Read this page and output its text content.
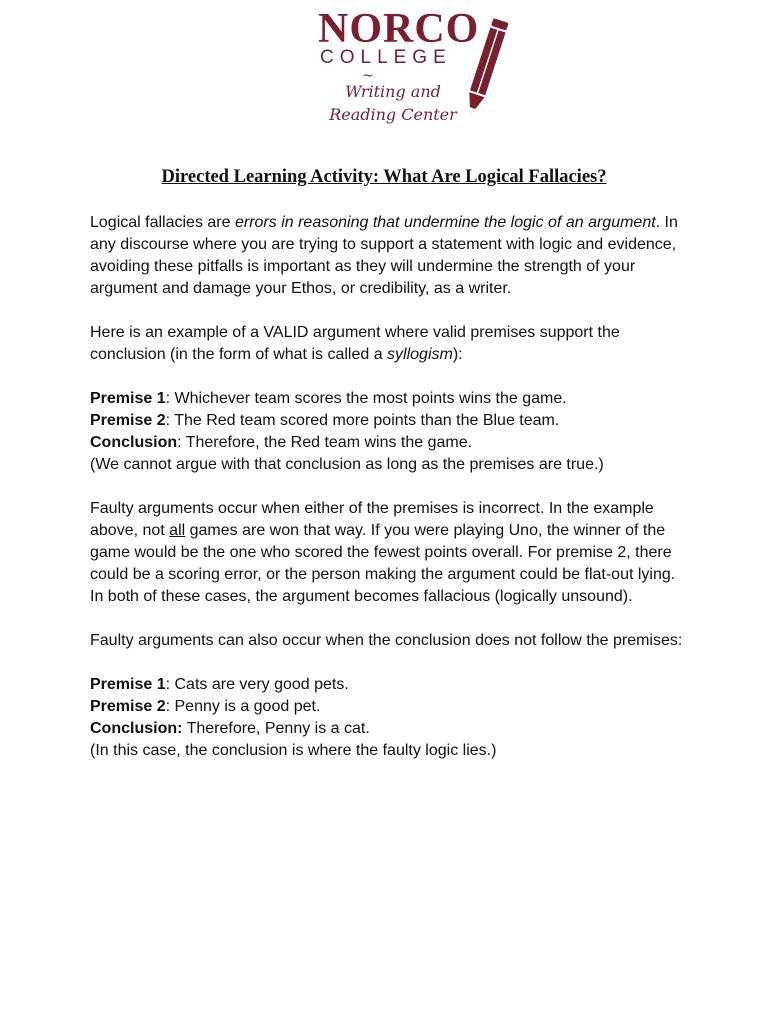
NORCO
COLLEGE
~
Writing and
Reading Center
Directed Learning Activity: What Are Logical Fallacies?

Logical fallacies are errors in reasoning that undermine the logic of an argument. In any discourse where you are trying to support a statement with logic and evidence, avoiding these pitfalls is important as they will undermine the strength of your argument and damage your Ethos, or credibility, as a writer.

Here is an example of a VALID argument where valid premises support the conclusion (in the form of what is called a syllogism):

Premise 1: Whichever team scores the most points wins the game.

Premise 2: The Red team scored more points than the Blue team.

Conclusion: Therefore, the Red team wins the game.

(We cannot argue with that conclusion as long as the premises are true.)

Faulty arguments occur when either of the premises is incorrect. In the example above, not all games are won that way. If you were playing Uno, the winner of the game would be the one who scored the fewest points overall. For premise 2, there could be a scoring error, or the person making the argument could be flat-out lying. In both of these cases, the argument becomes fallacious (logically unsound).

Faulty arguments can also occur when the conclusion does not follow the premises:

Premise 1: Cats are very good pets.

Premise 2: Penny is a good pet.

Conclusion: Therefore, Penny is a cat.

(In this case, the conclusion is where the faulty logic lies.)
